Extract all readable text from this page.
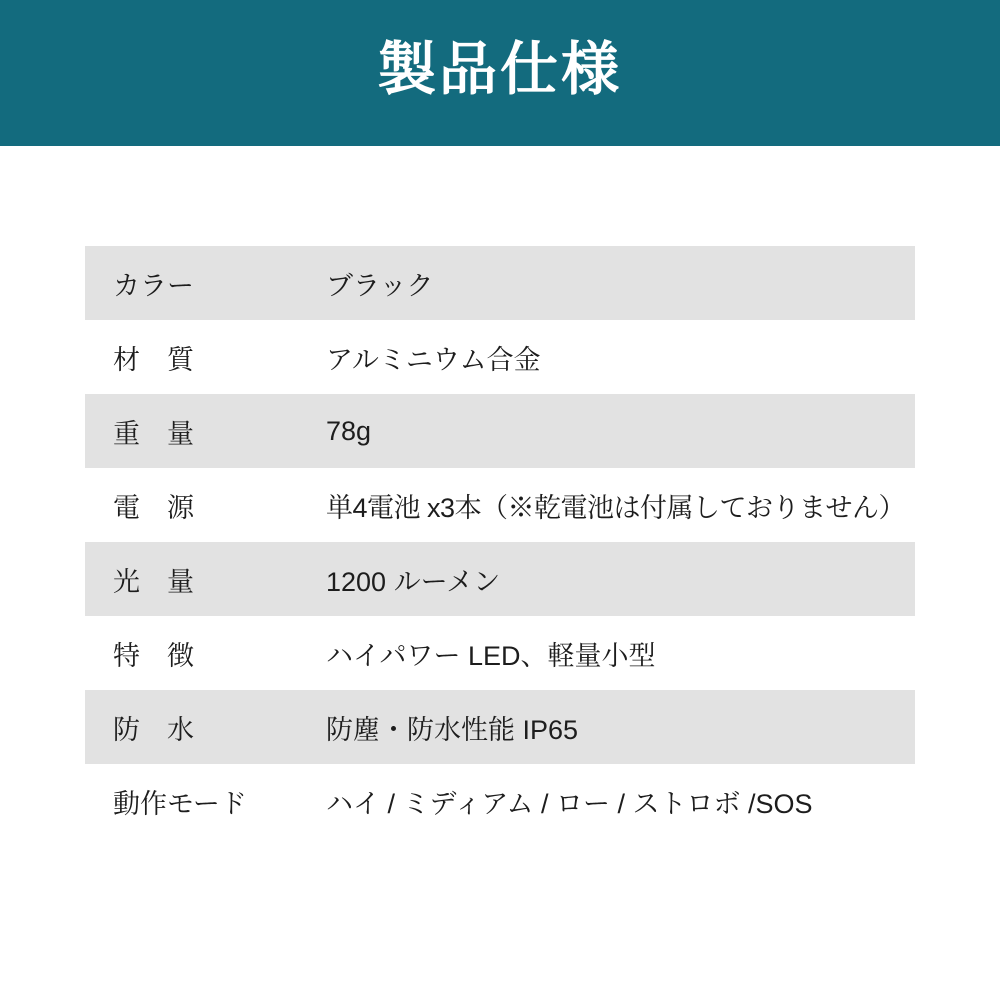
製品仕様
カラー	ブラック
材　質	アルミニウム合金
重　量	78g
電　源	単4電池 x3本（※乾電池は付属しておりません）
光　量	1200 ルーメン
特　徴	ハイパワー LED、軽量小型
防　水	防塵・防水性能 IP65
動作モード	ハイ / ミディアム / ロー / ストロボ /SOS
